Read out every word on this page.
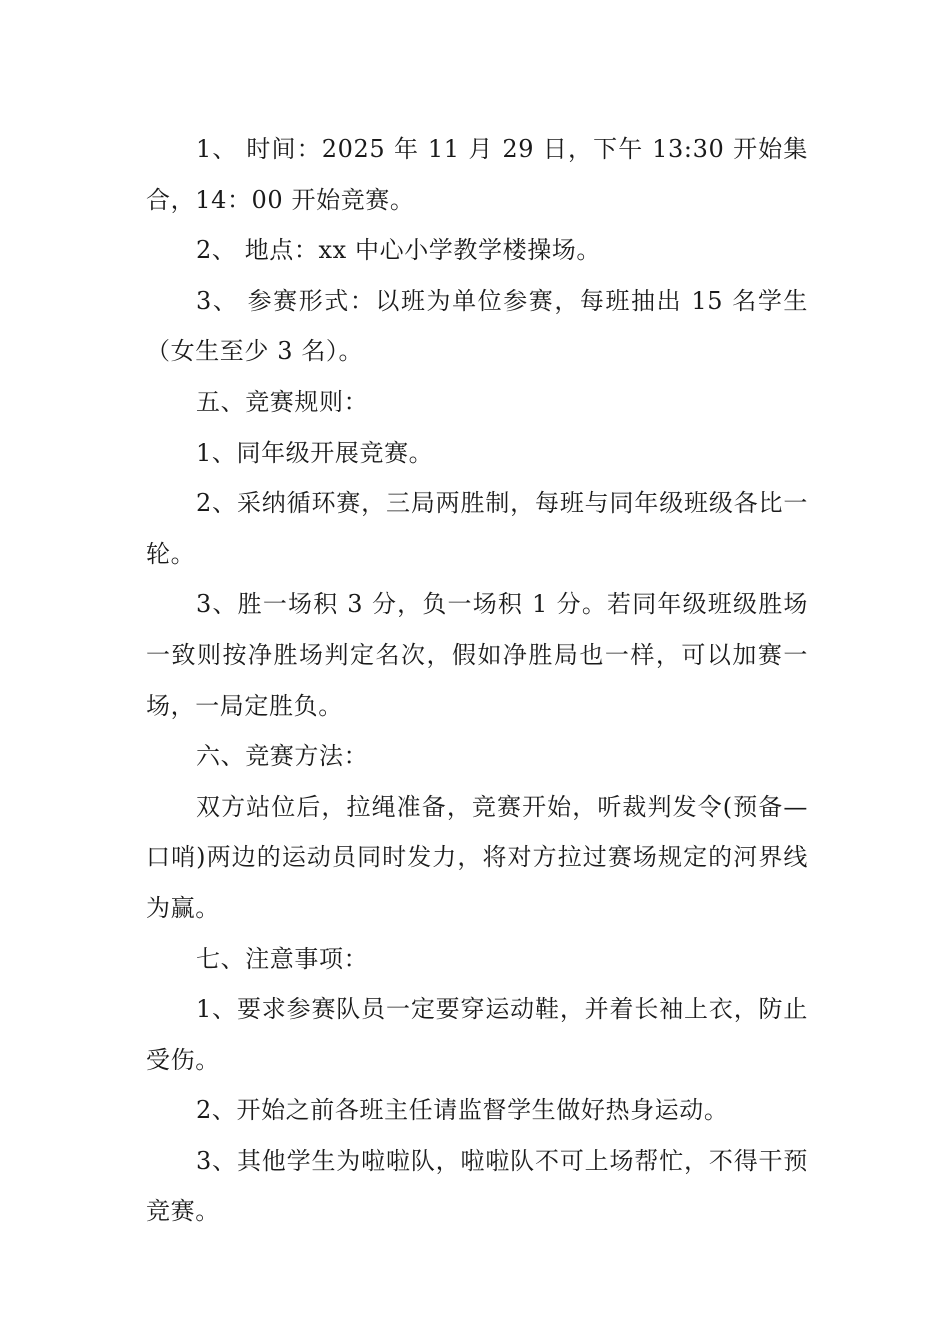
1、 时间：2025 年 11 月 29 日，下午 13:30 开始集合，14：00 开始竞赛。

2、 地点：xx 中心小学教学楼操场。

3、 参赛形式：以班为单位参赛，每班抽出 15 名学生（女生至少 3 名）。

五、竞赛规则：

1、同年级开展竞赛。

2、采纳循环赛，三局两胜制，每班与同年级班级各比一轮。

3、胜一场积 3 分，负一场积 1 分。若同年级班级胜场一致则按净胜场判定名次，假如净胜局也一样，可以加赛一场，一局定胜负。

六、竞赛方法：

双方站位后，拉绳准备，竞赛开始，听裁判发令(预备—口哨)两边的运动员同时发力，将对方拉过赛场规定的河界线为赢。

七、注意事项：

1、要求参赛队员一定要穿运动鞋，并着长袖上衣，防止受伤。

2、开始之前各班主任请监督学生做好热身运动。

3、其他学生为啦啦队，啦啦队不可上场帮忙，不得干预竞赛。
